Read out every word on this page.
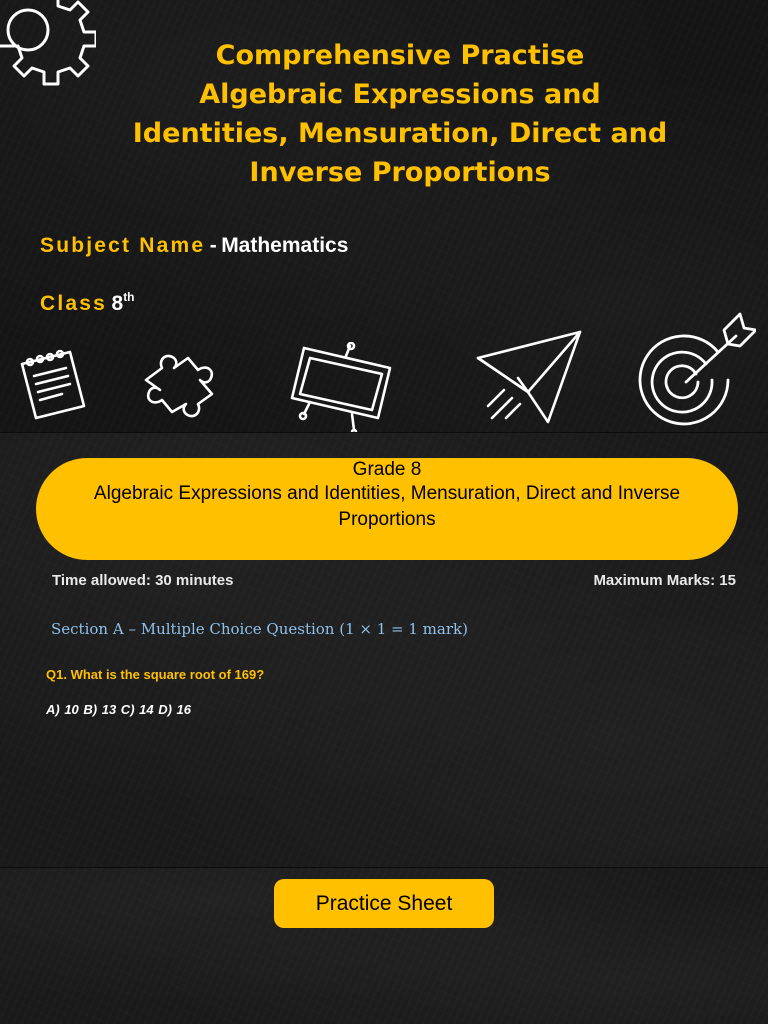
Comprehensive Practise
Algebraic Expressions and
Identities, Mensuration, Direct and
Inverse Proportions
Subject Name - Mathematics
Class 8th
Grade 8
Algebraic Expressions and Identities, Mensuration, Direct and Inverse Proportions
Time allowed: 30 minutes	Maximum Marks: 15
Section A – Multiple Choice Question (1 × 1 = 1 mark)
Q1. What is the square root of 169?
A) 10 B) 13 C) 14 D) 16
Practice Sheet
